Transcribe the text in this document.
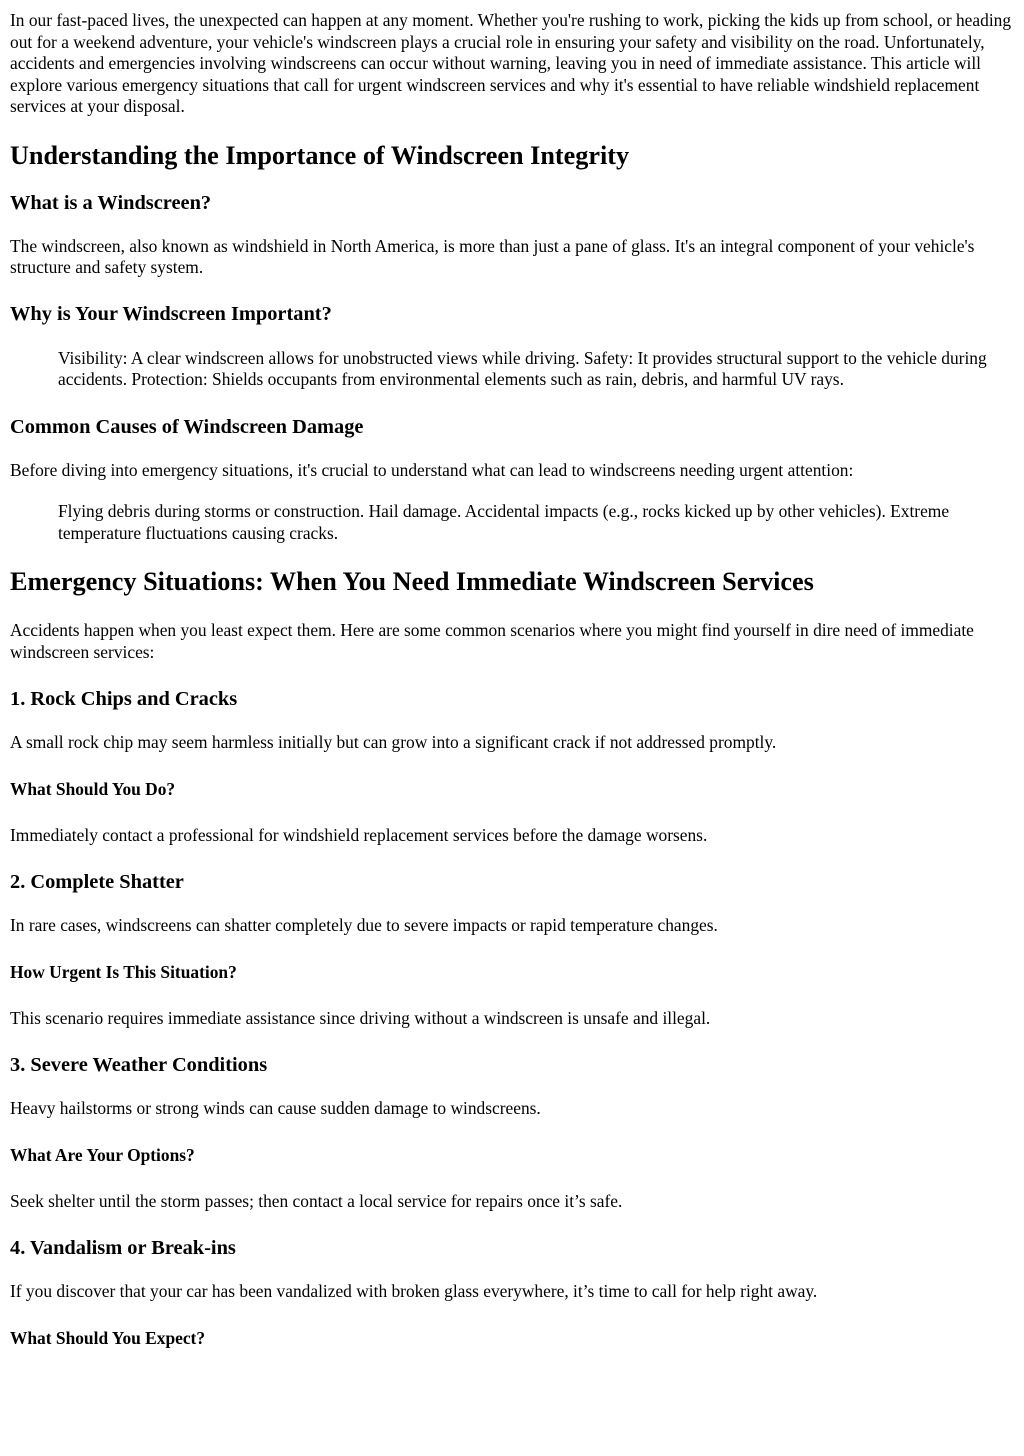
In our fast-paced lives, the unexpected can happen at any moment. Whether you're rushing to work, picking the kids up from school, or heading out for a weekend adventure, your vehicle's windscreen plays a crucial role in ensuring your safety and visibility on the road. Unfortunately, accidents and emergencies involving windscreens can occur without warning, leaving you in need of immediate assistance. This article will explore various emergency situations that call for urgent windscreen services and why it's essential to have reliable windshield replacement services at your disposal.

Understanding the Importance of Windscreen Integrity
What is a Windscreen?

The windscreen, also known as windshield in North America, is more than just a pane of glass. It's an integral component of your vehicle's structure and safety system.

Why is Your Windscreen Important?
Visibility: A clear windscreen allows for unobstructed views while driving. Safety: It provides structural support to the vehicle during accidents. Protection: Shields occupants from environmental elements such as rain, debris, and harmful UV rays.
Common Causes of Windscreen Damage

Before diving into emergency situations, it's crucial to understand what can lead to windscreens needing urgent attention:

Flying debris during storms or construction. Hail damage. Accidental impacts (e.g., rocks kicked up by other vehicles). Extreme temperature fluctuations causing cracks.
Emergency Situations: When You Need Immediate Windscreen Services

Accidents happen when you least expect them. Here are some common scenarios where you might find yourself in dire need of immediate windscreen services:

1. Rock Chips and Cracks

A small rock chip may seem harmless initially but can grow into a significant crack if not addressed promptly.

What Should You Do?

Immediately contact a professional for windshield replacement services before the damage worsens.

2. Complete Shatter

In rare cases, windscreens can shatter completely due to severe impacts or rapid temperature changes.

How Urgent Is This Situation?

This scenario requires immediate assistance since driving without a windscreen is unsafe and illegal.

3. Severe Weather Conditions

Heavy hailstorms or strong winds can cause sudden damage to windscreens.

What Are Your Options?

Seek shelter until the storm passes; then contact a local service for repairs once it’s safe.

4. Vandalism or Break-ins

If you discover that your car has been vandalized with broken glass everywhere, it’s time to call for help right away.

What Should You Expect?
